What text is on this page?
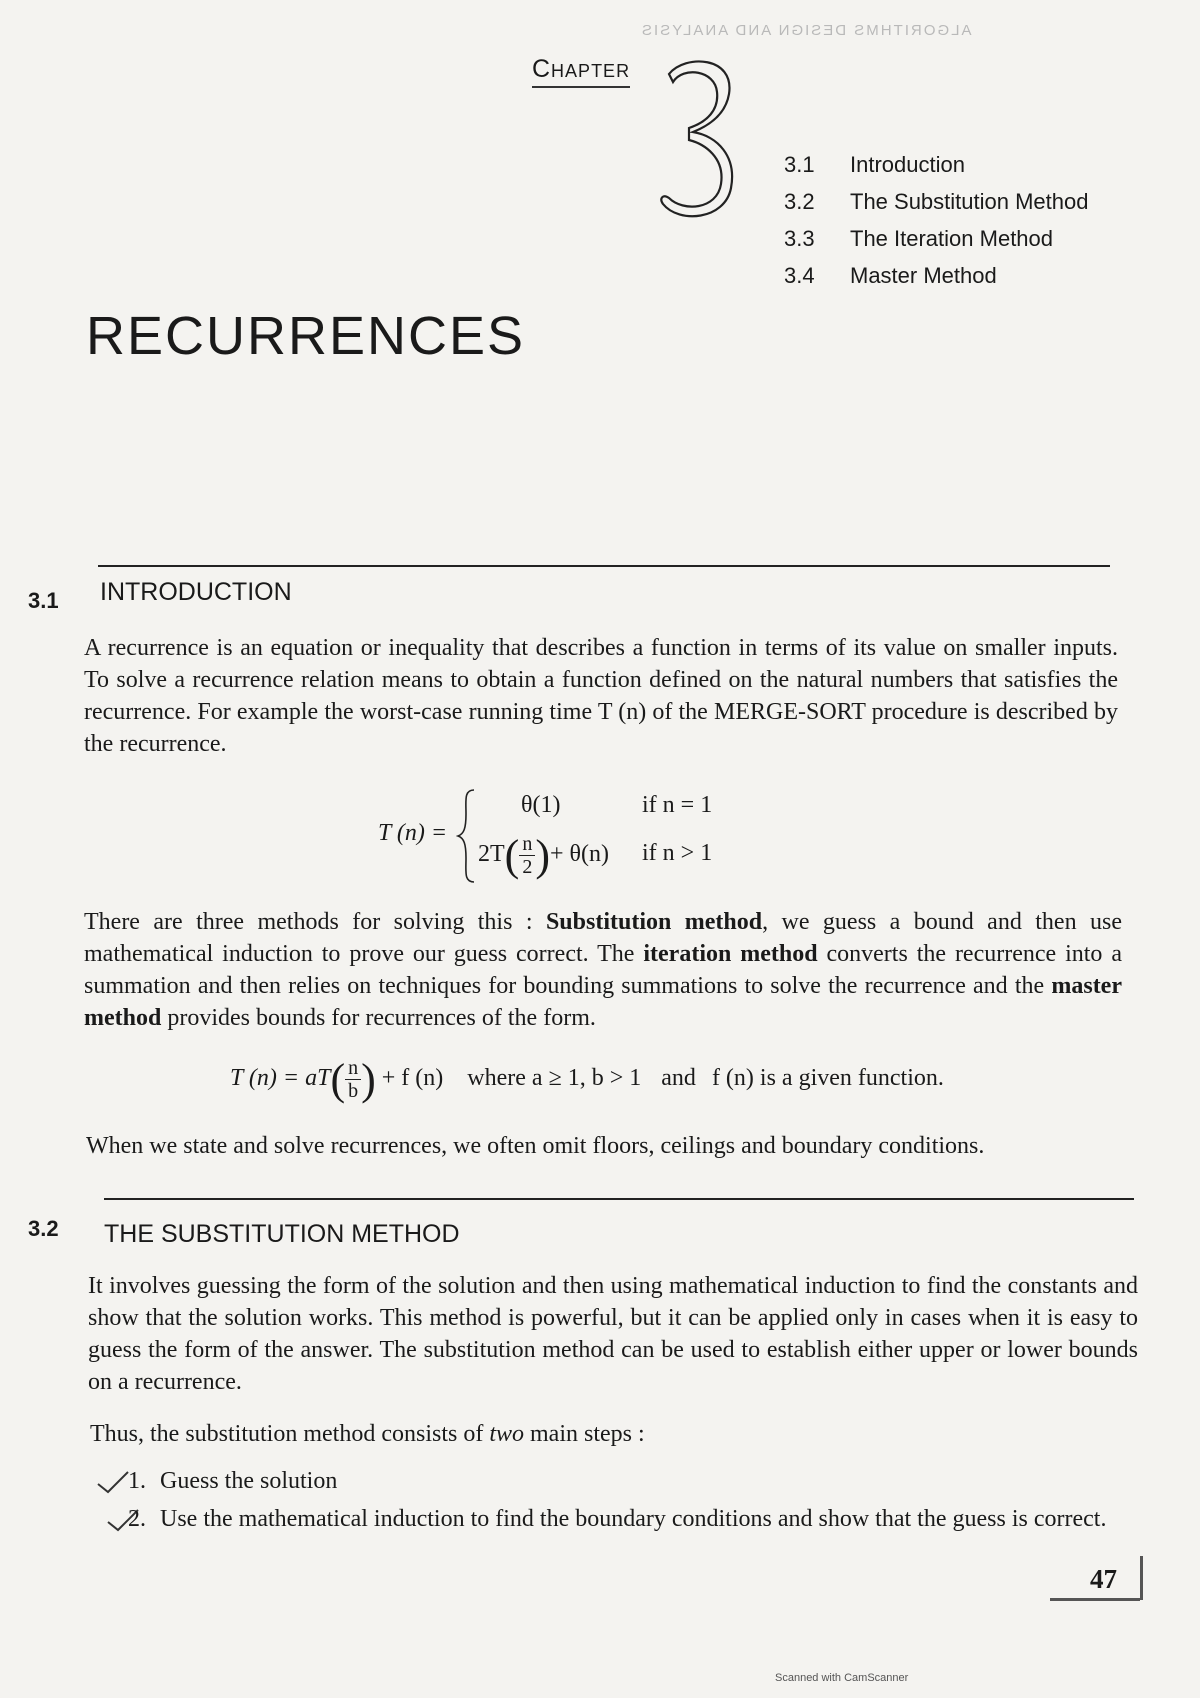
ALGORITHMS DESIGN AND ANALYSIS
Chapter
3.1	Introduction
3.2	The Substitution Method
3.3	The Iteration Method
3.4	Master Method
RECURRENCES
3.1 INTRODUCTION

A recurrence is an equation or inequality that describes a function in terms of its value on smaller inputs. To solve a recurrence relation means to obtain a function defined on the natural numbers that satisfies the recurrence. For example the worst-case running time T (n) of the MERGE-SORT procedure is described by the recurrence.

T (n) =
θ(1)	if n = 1
$2T( \frac{n}{2}$ )+ θ(n) if n > 1

There are three methods for solving this : Substitution method, we guess a bound and then use mathematical induction to prove our guess correct. The iteration method converts the recurrence into a summation and then relies on techniques for bounding summations to solve the recurrence and the master method provides bounds for recurrences of the form.

T $(n) = aT( \frac{n}{b}$ ) + f (n) where a ≥ 1, b > 1 and f (n) is a given function.

When we state and solve recurrences, we often omit floors, ceilings and boundary conditions.

3.2 THE SUBSTITUTION METHOD

It involves guessing the form of the solution and then using mathematical induction to find the constants and show that the solution works. This method is powerful, but it can be applied only in cases when it is easy to guess the form of the answer. The substitution method can be used to establish either upper or lower bounds on a recurrence.

Thus, the substitution method consists of two main steps :

1. Guess the solution
2. Use the mathematical induction to find the boundary conditions and show that the guess is correct.
47
Scanned with CamScanner
